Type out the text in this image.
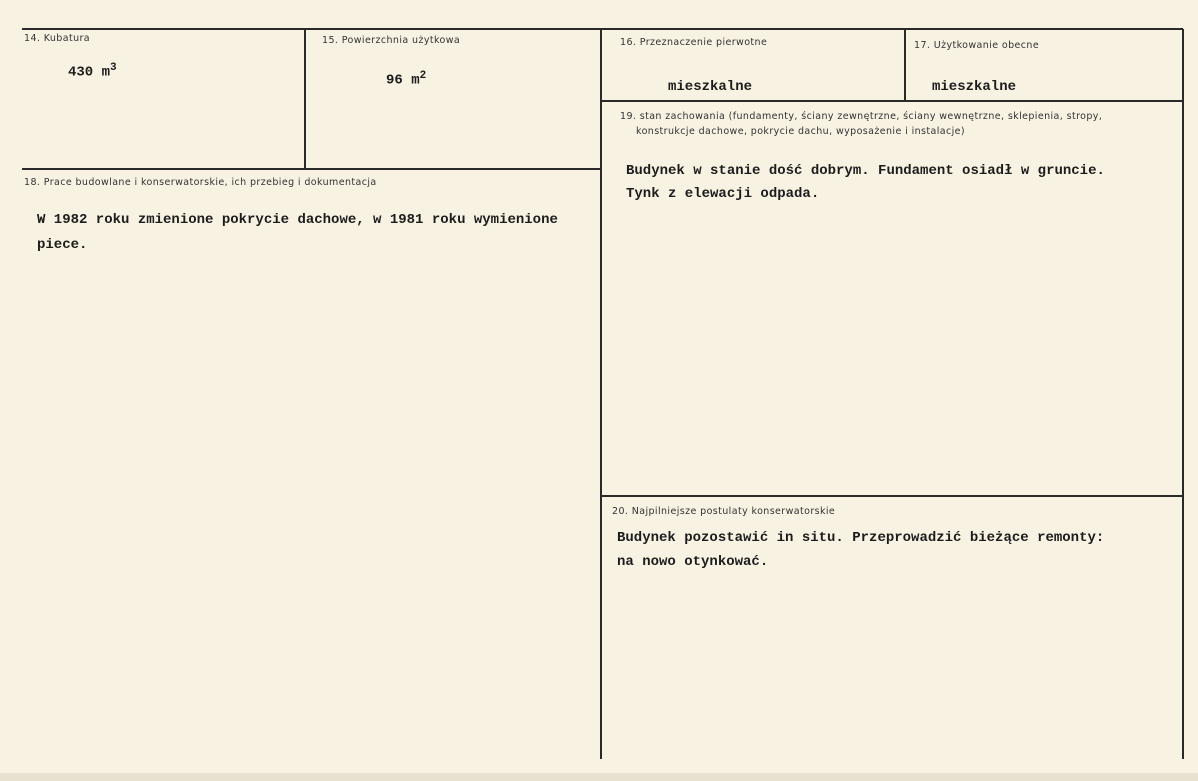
14. Kubatura
430 $m^3$
15. Powierzchnia użytkowa
96 $m^2$
16. Przeznaczenie pierwotne
mieszkalne
17. Użytkowanie obecne
mieszkalne
18. Prace budowlane i konserwatorskie, ich przebieg i dokumentacja
W 1982 roku zmienione pokrycie dachowe, w 1981 roku wymienione
piece.
19. stan zachowania (fundamenty, ściany zewnętrzne, ściany wewnętrzne, sklepienia, stropy,
konstrukcje dachowe, pokrycie dachu, wyposażenie i instalacje)
Budynek w stanie dość dobrym. Fundament osiadł w gruncie.
Tynk z elewacji odpada.
20. Najpilniejsze postulaty konserwatorskie
Budynek pozostawić in situ. Przeprowadzić bieżące remonty:
na nowo otynkować.
